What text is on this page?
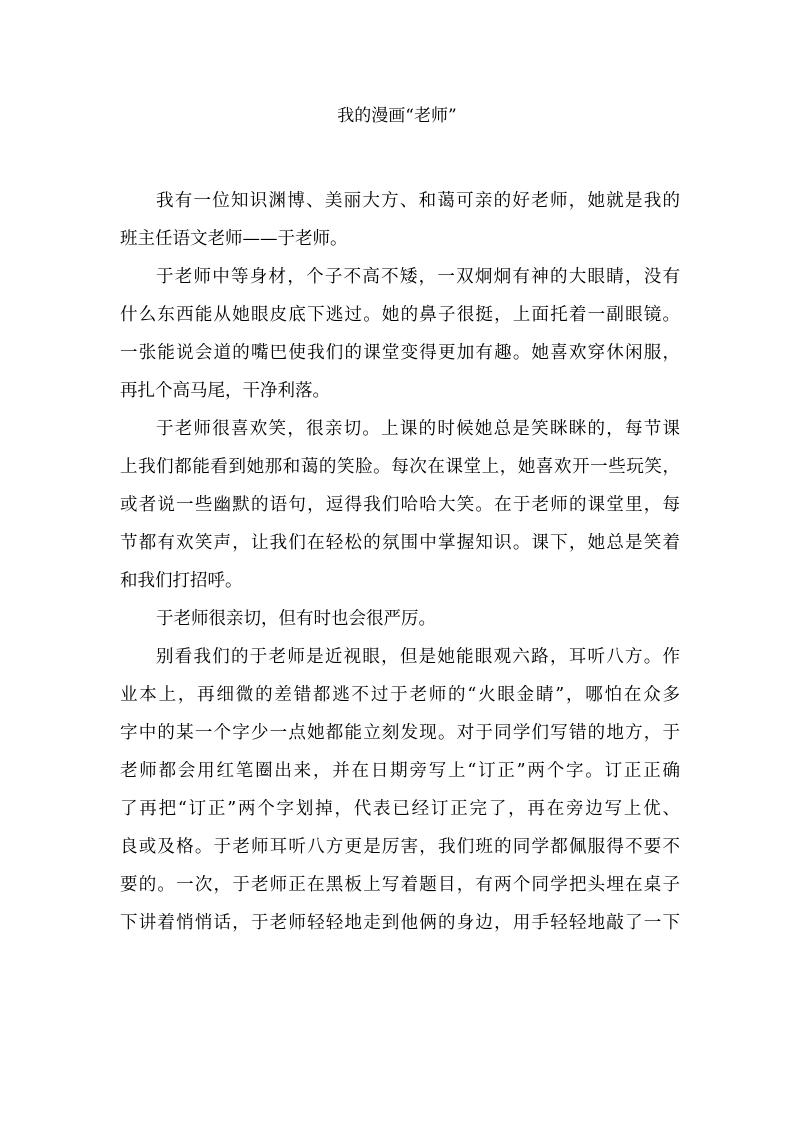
我的漫画“老师”
我有一位知识渊博、美丽大方、和蔼可亲的好老师，她就是我的
班主任语文老师——于老师。
于老师中等身材，个子不高不矮，一双炯炯有神的大眼睛，没有
什么东西能从她眼皮底下逃过。她的鼻子很挺，上面托着一副眼镜。
一张能说会道的嘴巴使我们的课堂变得更加有趣。她喜欢穿休闲服，
再扎个高马尾，干净利落。
于老师很喜欢笑，很亲切。上课的时候她总是笑眯眯的，每节课
上我们都能看到她那和蔼的笑脸。每次在课堂上，她喜欢开一些玩笑，
或者说一些幽默的语句，逗得我们哈哈大笑。在于老师的课堂里，每
节都有欢笑声，让我们在轻松的氛围中掌握知识。课下，她总是笑着
和我们打招呼。
于老师很亲切，但有时也会很严厉。
别看我们的于老师是近视眼，但是她能眼观六路，耳听八方。作
业本上，再细微的差错都逃不过于老师的“火眼金睛”，哪怕在众多
字中的某一个字少一点她都能立刻发现。对于同学们写错的地方，于
老师都会用红笔圈出来，并在日期旁写上“订正”两个字。订正正确
了再把“订正”两个字划掉，代表已经订正完了，再在旁边写上优、
良或及格。于老师耳听八方更是厉害，我们班的同学都佩服得不要不
要的。一次，于老师正在黑板上写着题目，有两个同学把头埋在桌子
下讲着悄悄话，于老师轻轻地走到他俩的身边，用手轻轻地敲了一下
